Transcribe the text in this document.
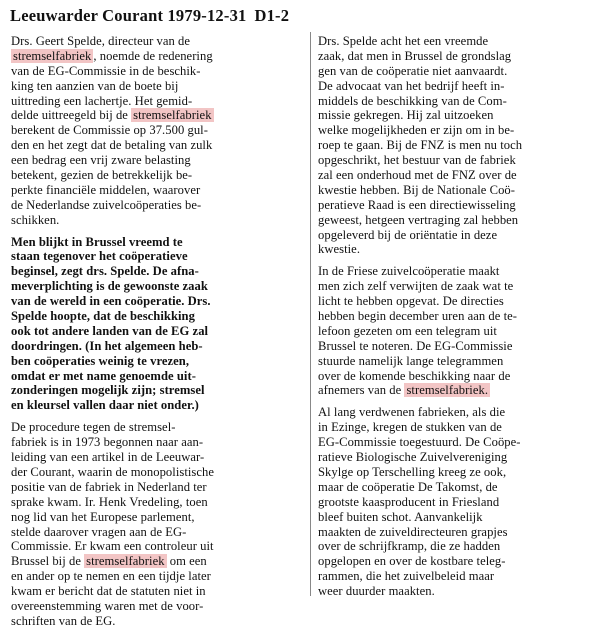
Leeuwarder Courant 1979-12-31 D1-2
Drs. Geert Spelde, directeur van de
stremselfabriek , noemde de redenering
van de EG-Commissie in de beschik-
king ten aanzien van de boete bij
uittreding een lachertje. Het gemid-
delde uittreegeld bij de stremselfabriek
berekent de Commissie op 37.500 gul-
den en het zegt dat de betaling van zulk
een bedrag een vrij zware belasting
betekent, gezien de betrekkelijk be-
perkte financiële middelen, waarover
de Nederlandse zuivelcoöperaties be-
schikken.
Men blijkt in Brussel vreemd te
staan tegenover het coöperatieve
beginsel, zegt drs. Spelde. De afna-
meverplichting is de gewoonste zaak
van de wereld in een coöperatie. Drs.
Spelde hoopte, dat de beschikking
ook tot andere landen van de EG zal
doordringen. (In het algemeen heb-
ben coöperaties weinig te vrezen,
omdat er met name genoemde uit-
zonderingen mogelijk zijn; stremsel
en kleursel vallen daar niet onder.)
De procedure tegen de stremsel-
fabriek is in 1973 begonnen naar aan-
leiding van een artikel in de Leeuwar-
der Courant, waarin de monopolistische
positie van de fabriek in Nederland ter
sprake kwam. Ir. Henk Vredeling, toen
nog lid van het Europese parlement,
stelde daarover vragen aan de EG-
Commissie. Er kwam een controleur uit
Brussel bij de stremselfabriek om een
en ander op te nemen en een tijdje later
kwam er bericht dat de statuten niet in
overeenstemming waren met de voor-
schriften van de EG.
Drs. Spelde acht het een vreemde
zaak, dat men in Brussel de grondslag
gen van de coöperatie niet aanvaardt.
De advocaat van het bedrijf heeft in-
middels de beschikking van de Com-
missie gekregen. Hij zal uitzoeken
welke mogelijkheden er zijn om in be-
roep te gaan. Bij de FNZ is men nu toch
opgeschrikt, het bestuur van de fabriek
zal een onderhoud met de FNZ over de
kwestie hebben. Bij de Nationale Coö-
peratieve Raad is een directiewisseling
geweest, hetgeen vertraging zal hebben
opgeleverd bij de oriëntatie in deze
kwestie.
In de Friese zuivelcoöperatie maakt
men zich zelf verwijten de zaak wat te
licht te hebben opgevat. De directies
hebben begin december uren aan de te-
lefoon gezeten om een telegram uit
Brussel te noteren. De EG-Commissie
stuurde namelijk lange telegrammen
over de komende beschikking naar de
afnemers van de stremselfabriek.
Al lang verdwenen fabrieken, als die
in Ezinge, kregen de stukken van de
EG-Commissie toegestuurd. De Coöpe-
ratieve Biologische Zuivelvereniging
Skylge op Terschelling kreeg ze ook,
maar de coöperatie De Takomst, de
grootste kaasproducent in Friesland
bleef buiten schot. Aanvankelijk
maakten de zuiveldirecteuren grapjes
over de schrijfkramp, die ze hadden
opgelopen en over de kostbare teleg-
rammen, die het zuivelbeleid maar
weer duurder maakten.
